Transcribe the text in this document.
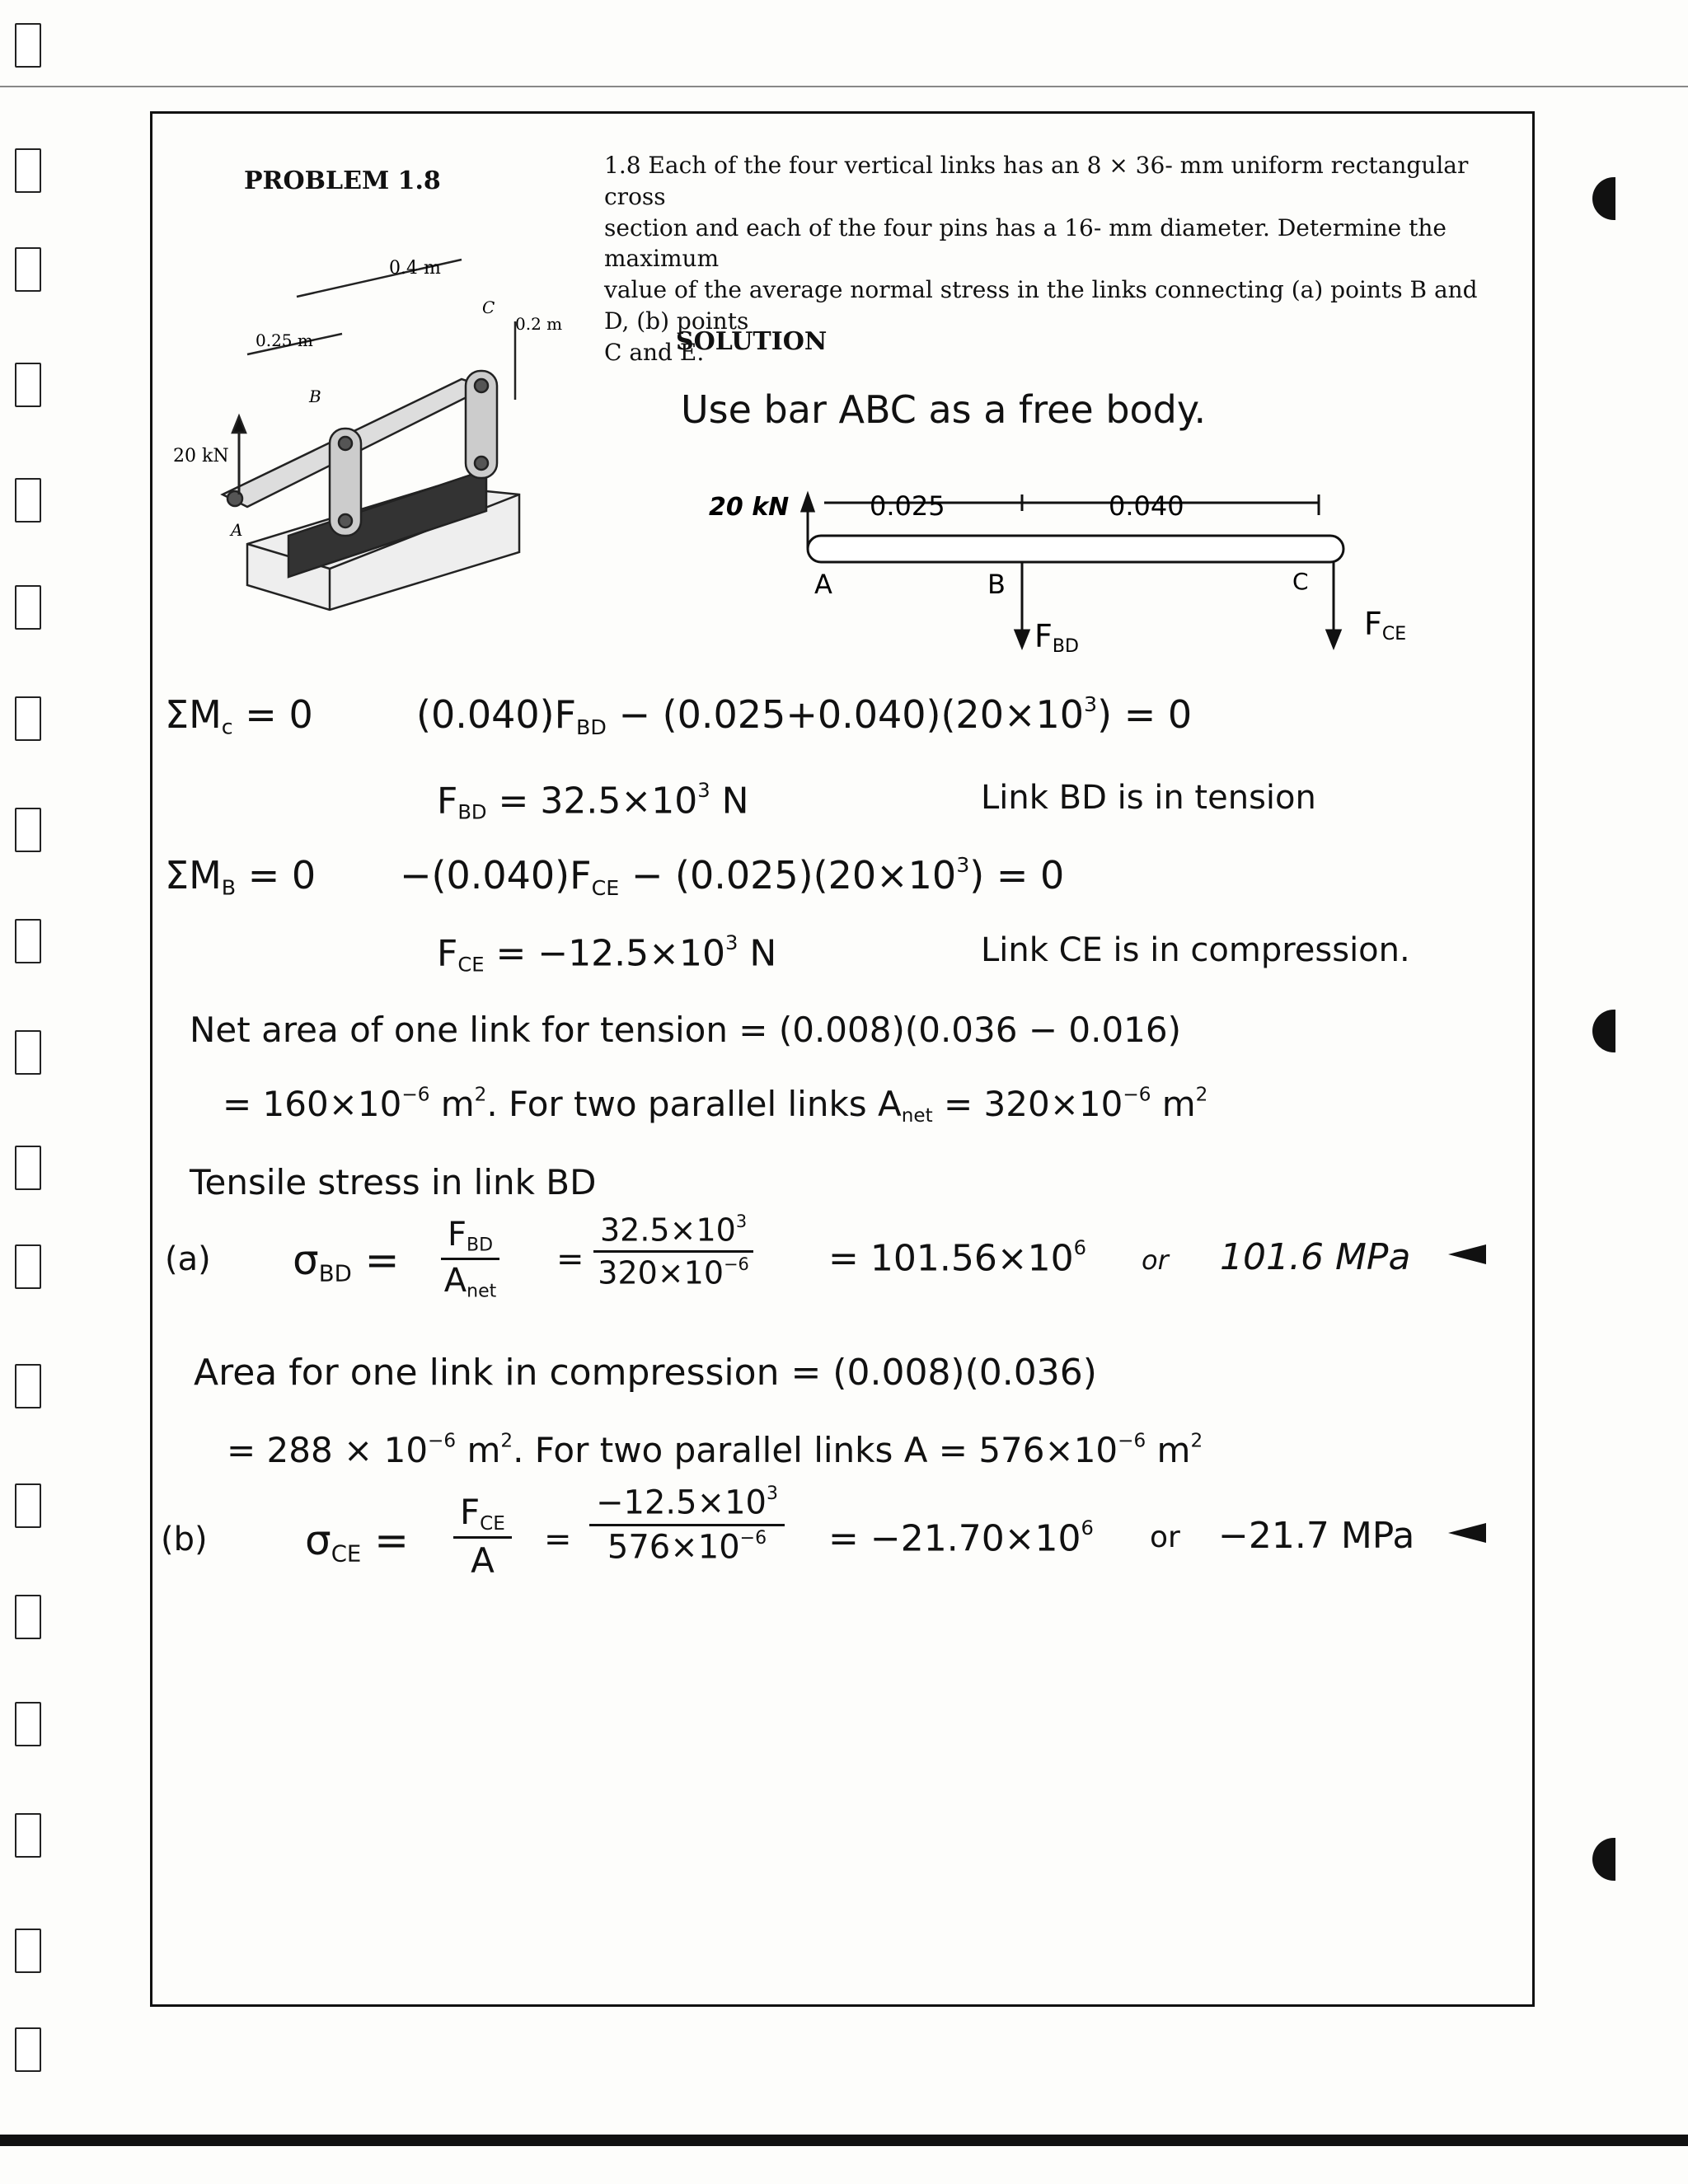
PROBLEM 1.8
1.8 Each of the four vertical links has an 8 × 36- mm uniform rectangular cross
section and each of the four pins has a 16- mm diameter. Determine the maximum
value of the average normal stress in the links connecting (a) points B and D, (b) points
C and E.
0.4 m
0.25 m
0.2 m
20 kN
A
B
C
SOLUTION
Use bar ABC as a free body.
20 kN	0.025	0.040
A	B	C
FBD
FCE
$\Sigma M_c = 0$	$(0.040)F_{BD} - (0.025+0.040)(20\times 10^3) = 0$
$F_{BD} = 32.5\times 10^3$ N	Link BD is in tension
$\Sigma M_B = 0 -(0.040)F_{CE} - (0.025)(20\times 10^3) = 0$
$F_{CE} = -12.5\times 10^3$ N	Link CE is in compression.
Net area of one link for tension = (0.008)(0.036 − 0.016)
= $160\times 10^{-6}$ $m^2$. For two parallel links $A_{net} = 320\times 10^{-6}$ $m^2$
Tensile stress in link BD
(a) $\sigma_{BD}$ =
$F_{BD}$
$A_{net}$
= $\frac{32.5\times 10^3}{320\times 10^{-6}} = 101.56\times 10^6$ or 101.6 MPa
Area for one link in compression = (0.008)(0.036)
= $288 \times 10^{-6}$ $m^2$. For two parallel links $A = 576\times 10^{-6}$ $m^2$
(b) $\sigma_{CE}$ =
$F_{CE}$
A
= $\frac{-12.5\times 10^3}{576\times 10^{-6}} = -21.70\times 10^6$ or −21.7 MPa
